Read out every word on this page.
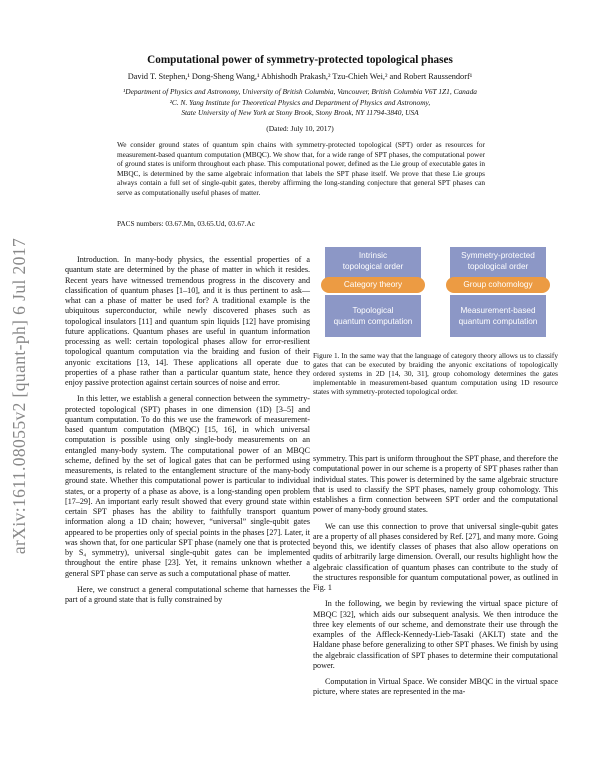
arXiv:1611.08055v2 [quant-ph] 6 Jul 2017
Computational power of symmetry-protected topological phases
David T. Stephen,¹ Dong-Sheng Wang,¹ Abhishodh Prakash,² Tzu-Chieh Wei,² and Robert Raussendorf¹
¹Department of Physics and Astronomy, University of British Columbia, Vancouver, British Columbia V6T 1Z1, Canada
²C. N. Yang Institute for Theoretical Physics and Department of Physics and Astronomy,
State University of New York at Stony Brook, Stony Brook, NY 11794-3840, USA
(Dated: July 10, 2017)
We consider ground states of quantum spin chains with symmetry-protected topological (SPT) order as resources for measurement-based quantum computation (MBQC). We show that, for a wide range of SPT phases, the computational power of ground states is uniform throughout each phase. This computational power, defined as the Lie group of executable gates in MBQC, is determined by the same algebraic information that labels the SPT phase itself. We prove that these Lie groups always contain a full set of single-qubit gates, thereby affirming the long-standing conjecture that general SPT phases can serve as computationally useful phases of matter.
PACS numbers: 03.67.Mn, 03.65.Ud, 03.67.Ac

Introduction. In many-body physics, the essential properties of a quantum state are determined by the phase of matter in which it resides. Recent years have witnessed tremendous progress in the discovery and classification of quantum phases [1–10], and it is thus pertinent to ask—what can a phase of matter be used for? A traditional example is the ubiquitous superconductor, while newly discovered phases such as topological insulators [11] and quantum spin liquids [12] have promising future applications. Quantum phases are useful in quantum information processing as well: certain topological phases allow for error-resilient topological quantum computation via the braiding and fusion of their anyonic excitations [13, 14]. These applications all operate due to properties of a phase rather than a particular quantum state, hence they enjoy passive protection against certain sources of noise and error.

In this letter, we establish a general connection between the symmetry-protected topological (SPT) phases in one dimension (1D) [3–5] and quantum computation. To do this we use the framework of measurement-based quantum computation (MBQC) [15, 16], in which universal computation is possible using only single-body measurements on an entangled many-body system. The computational power of an MBQC scheme, defined by the set of logical gates that can be performed using measurements, is related to the entanglement structure of the many-body ground state. Whether this computational power is particular to individual states, or a property of a phase as above, is a long-standing open problem [17–29]. An important early result showed that every ground state within certain SPT phases has the ability to faithfully transport quantum information along a 1D chain; however, “universal” single-qubit gates appeared to be properties only of special points in the phases [27]. Later, it was shown that, for one particular SPT phase (namely one that is protected by S₄ symmetry), universal single-qubit gates can be implemented throughout the entire phase [23]. Yet, it remains unknown whether a general SPT phase can serve as such a computational phase of matter.

Here, we construct a general computational scheme that harnesses the part of a ground state that is fully constrained by

Intrinsic
topological order
Topological
quantum computation
Category theory
Symmetry-protected
topological order
Measurement-based
quantum computation
Group cohomology
Figure 1. In the same way that the language of category theory allows us to classify gates that can be executed by braiding the anyonic excitations of topologically ordered systems in 2D [14, 30, 31], group cohomology determines the gates implementable in measurement-based quantum computation using 1D resource states with symmetry-protected topological order.

symmetry. This part is uniform throughout the SPT phase, and therefore the computational power in our scheme is a property of SPT phases rather than individual states. This power is determined by the same algebraic structure that is used to classify the SPT phases, namely group cohomology. This establishes a firm connection between SPT order and the computational power of many-body ground states.

We can use this connection to prove that universal single-qubit gates are a property of all phases considered by Ref. [27], and many more. Going beyond this, we identify classes of phases that also allow operations on qudits of arbitrarily large dimension. Overall, our results highlight how the algebraic classification of quantum phases can contribute to the study of the structures responsible for quantum computational power, as outlined in Fig. 1

In the following, we begin by reviewing the virtual space picture of MBQC [32], which aids our subsequent analysis. We then introduce the three key elements of our scheme, and demonstrate their use through the examples of the Affleck-Kennedy-Lieb-Tasaki (AKLT) state and the Haldane phase before generalizing to other SPT phases. We finish by using the algebraic classification of SPT phases to determine their computational power.

Computation in Virtual Space. We consider MBQC in the virtual space picture, where states are represented in the ma-
